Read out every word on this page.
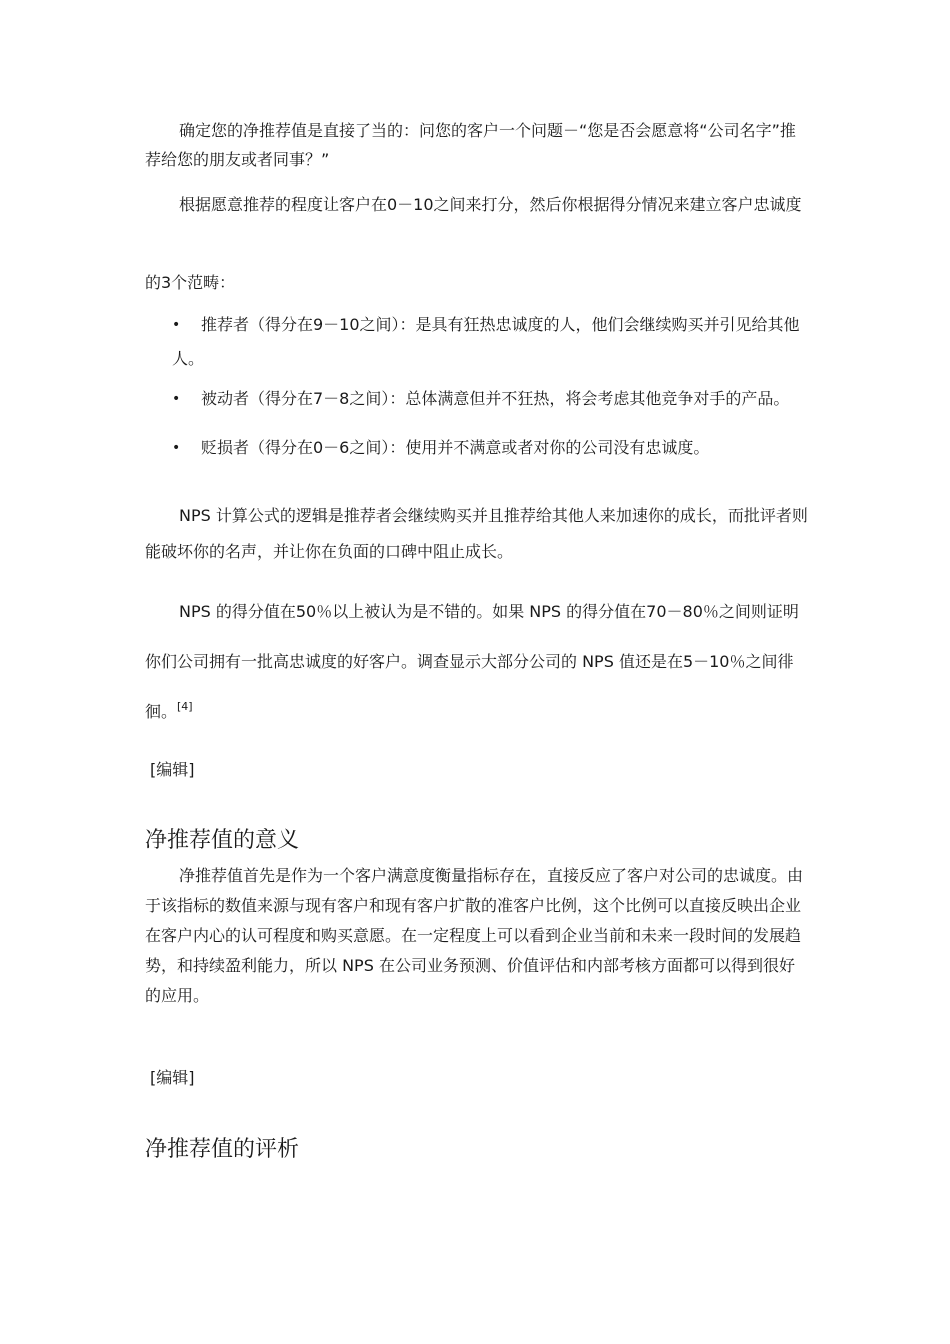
确定您的净推荐值是直接了当的：问您的客户一个问题－“您是否会愿意将“公司名字”推荐给您的朋友或者同事？”

根据愿意推荐的程度让客户在0－10之间来打分，然后你根据得分情况来建立客户忠诚度的3个范畴：

•	推荐者（得分在9－10之间）：是具有狂热忠诚度的人，他们会继续购买并引见给其他人。
•	被动者（得分在7－8之间）：总体满意但并不狂热，将会考虑其他竞争对手的产品。
•	贬损者（得分在0－6之间）：使用并不满意或者对你的公司没有忠诚度。

NPS 计算公式的逻辑是推荐者会继续购买并且推荐给其他人来加速你的成长，而批评者则能破坏你的名声，并让你在负面的口碑中阻止成长。

NPS 的得分值在50％以上被认为是不错的。如果 NPS 的得分值在70－80％之间则证明你们公司拥有一批高忠诚度的好客户。调查显示大部分公司的 NPS 值还是在5－10％之间徘徊。[4]

[编辑]
净推荐值的意义

净推荐值首先是作为一个客户满意度衡量指标存在，直接反应了客户对公司的忠诚度。由于该指标的数值来源与现有客户和现有客户扩散的准客户比例，这个比例可以直接反映出企业在客户内心的认可程度和购买意愿。在一定程度上可以看到企业当前和未来一段时间的发展趋势，和持续盈利能力，所以 NPS 在公司业务预测、价值评估和内部考核方面都可以得到很好的应用。

[编辑]
净推荐值的评析
